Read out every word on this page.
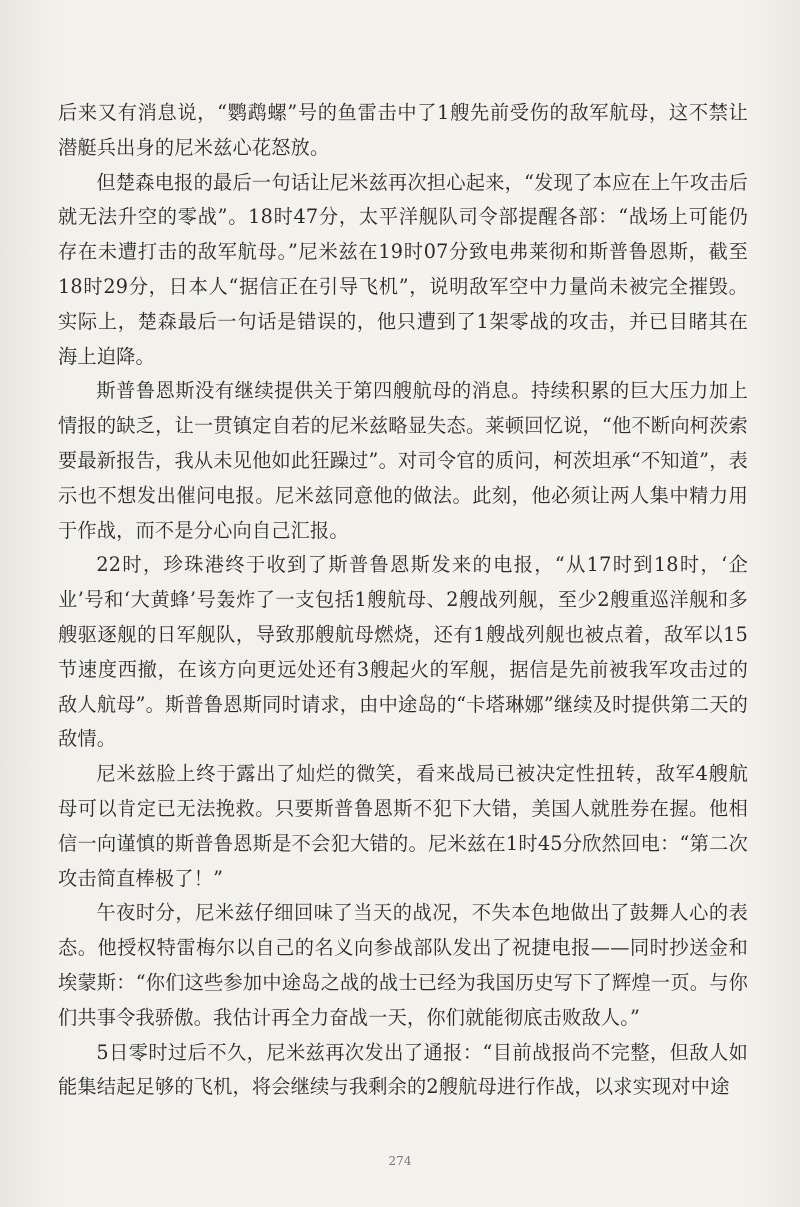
后来又有消息说，“鹦鹉螺”号的鱼雷击中了1艘先前受伤的敌军航母，这不禁让潜艇兵出身的尼米兹心花怒放。

但楚森电报的最后一句话让尼米兹再次担心起来，“发现了本应在上午攻击后就无法升空的零战”。18时47分，太平洋舰队司令部提醒各部：“战场上可能仍存在未遭打击的敌军航母。”尼米兹在19时07分致电弗莱彻和斯普鲁恩斯，截至18时29分，日本人“据信正在引导飞机”，说明敌军空中力量尚未被完全摧毁。实际上，楚森最后一句话是错误的，他只遭到了1架零战的攻击，并已目睹其在海上迫降。

斯普鲁恩斯没有继续提供关于第四艘航母的消息。持续积累的巨大压力加上情报的缺乏，让一贯镇定自若的尼米兹略显失态。莱顿回忆说，“他不断向柯茨索要最新报告，我从未见他如此狂躁过”。对司令官的质问，柯茨坦承“不知道”，表示也不想发出催问电报。尼米兹同意他的做法。此刻，他必须让两人集中精力用于作战，而不是分心向自己汇报。

22时，珍珠港终于收到了斯普鲁恩斯发来的电报，“从17时到18时，‘企业’号和‘大黄蜂’号轰炸了一支包括1艘航母、2艘战列舰，至少2艘重巡洋舰和多艘驱逐舰的日军舰队，导致那艘航母燃烧，还有1艘战列舰也被点着，敌军以15节速度西撤，在该方向更远处还有3艘起火的军舰，据信是先前被我军攻击过的敌人航母”。斯普鲁恩斯同时请求，由中途岛的“卡塔琳娜”继续及时提供第二天的敌情。

尼米兹脸上终于露出了灿烂的微笑，看来战局已被决定性扭转，敌军4艘航母可以肯定已无法挽救。只要斯普鲁恩斯不犯下大错，美国人就胜券在握。他相信一向谨慎的斯普鲁恩斯是不会犯大错的。尼米兹在1时45分欣然回电：“第二次攻击简直棒极了！”

午夜时分，尼米兹仔细回味了当天的战况，不失本色地做出了鼓舞人心的表态。他授权特雷梅尔以自己的名义向参战部队发出了祝捷电报——同时抄送金和埃蒙斯：“你们这些参加中途岛之战的战士已经为我国历史写下了辉煌一页。与你们共事令我骄傲。我估计再全力奋战一天，你们就能彻底击败敌人。”

5日零时过后不久，尼米兹再次发出了通报：“目前战报尚不完整，但敌人如能集结起足够的飞机，将会继续与我剩余的2艘航母进行作战，以求实现对中途

274
